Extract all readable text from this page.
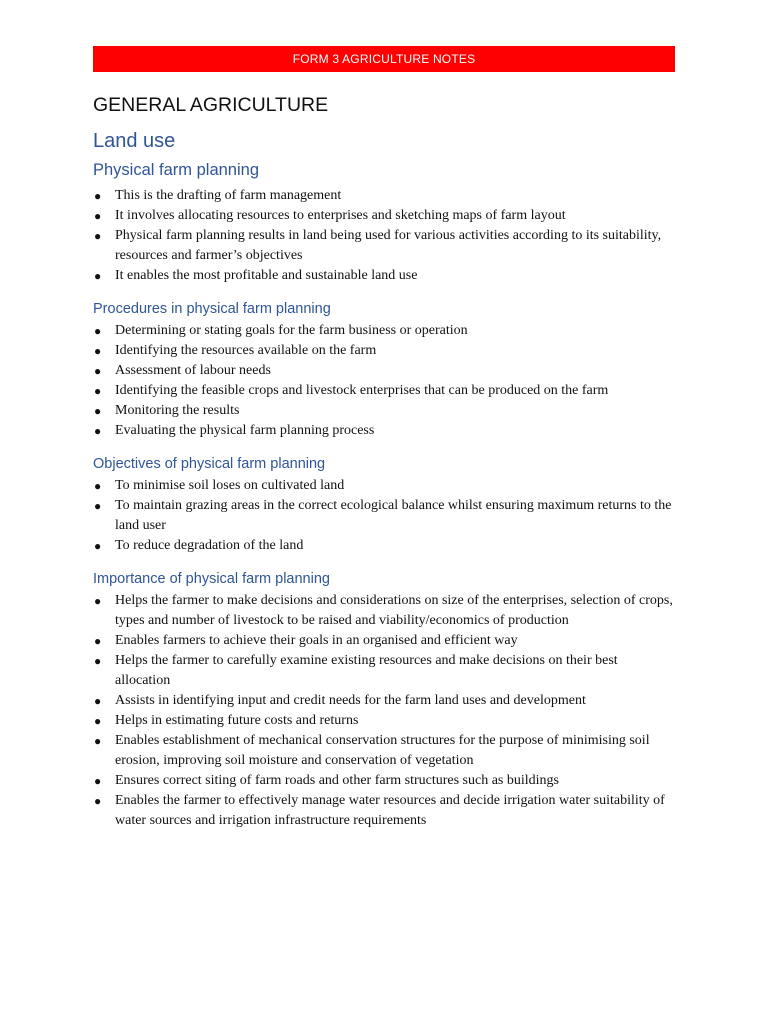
FORM 3 AGRICULTURE NOTES
GENERAL AGRICULTURE
Land use
Physical farm planning
● This is the drafting of farm management
● It involves allocating resources to enterprises and sketching maps of farm layout
● Physical farm planning results in land being used for various activities according to its suitability, resources and farmer’s objectives
● It enables the most profitable and sustainable land use
Procedures in physical farm planning
● Determining or stating goals for the farm business or operation
● Identifying the resources available on the farm
● Assessment of labour needs
● Identifying the feasible crops and livestock enterprises that can be produced on the farm
● Monitoring the results
● Evaluating the physical farm planning process
Objectives of physical farm planning
● To minimise soil loses on cultivated land
● To maintain grazing areas in the correct ecological balance whilst ensuring maximum returns to the land user
● To reduce degradation of the land
Importance of physical farm planning
● Helps the farmer to make decisions and considerations on size of the enterprises, selection of crops, types and number of livestock to be raised and viability/economics of production
● Enables farmers to achieve their goals in an organised and efficient way
● Helps the farmer to carefully examine existing resources and make decisions on their best allocation
● Assists in identifying input and credit needs for the farm land uses and development
● Helps in estimating future costs and returns
● Enables establishment of mechanical conservation structures for the purpose of minimising soil erosion, improving soil moisture and conservation of vegetation
● Ensures correct siting of farm roads and other farm structures such as buildings
● Enables the farmer to effectively manage water resources and decide irrigation water suitability of water sources and irrigation infrastructure requirements
